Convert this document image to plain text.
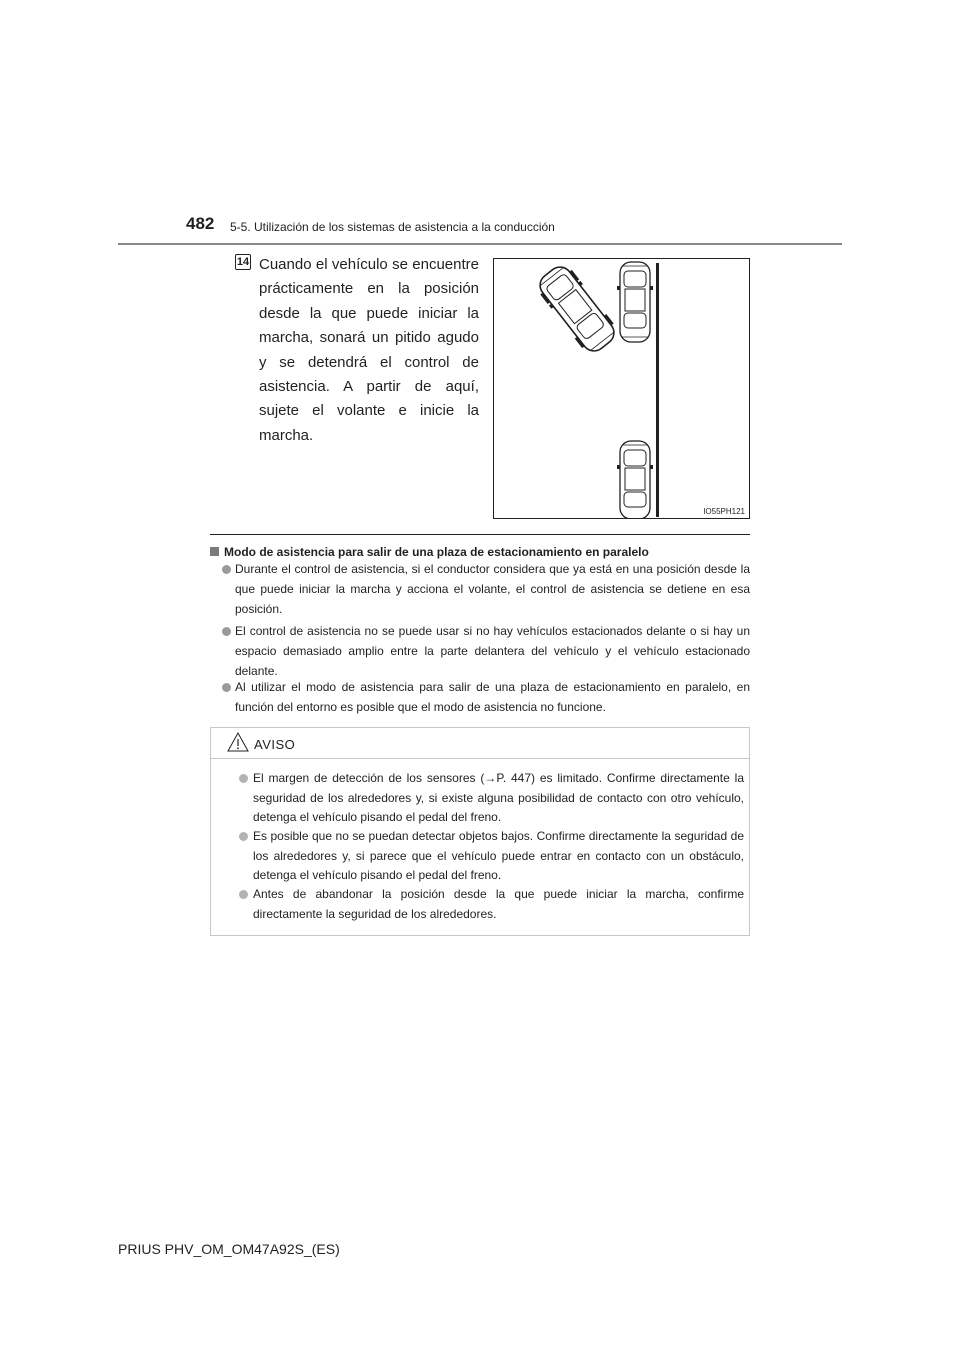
482 5-5. Utilización de los sistemas de asistencia a la conducción
14 Cuando el vehículo se encuentre prácticamente en la posición desde la que puede iniciar la marcha, sonará un pitido agudo y se detendrá el control de asistencia. A partir de aquí, sujete el volante e inicie la marcha.
IO55PH121
Modo de asistencia para salir de una plaza de estacionamiento en paralelo
Durante el control de asistencia, si el conductor considera que ya está en una posición desde la que puede iniciar la marcha y acciona el volante, el control de asistencia se detiene en esa posición.
El control de asistencia no se puede usar si no hay vehículos estacionados delante o si hay un espacio demasiado amplio entre la parte delantera del vehículo y el vehículo estacionado delante.
Al utilizar el modo de asistencia para salir de una plaza de estacionamiento en paralelo, en función del entorno es posible que el modo de asistencia no funcione.
AVISO
El margen de detección de los sensores (→P. 447) es limitado. Confirme directamente la seguridad de los alrededores y, si existe alguna posibilidad de contacto con otro vehículo, detenga el vehículo pisando el pedal del freno.
Es posible que no se puedan detectar objetos bajos. Confirme directamente la seguridad de los alrededores y, si parece que el vehículo puede entrar en contacto con un obstáculo, detenga el vehículo pisando el pedal del freno.
Antes de abandonar la posición desde la que puede iniciar la marcha, confirme directamente la seguridad de los alrededores.
PRIUS PHV_OM_OM47A92S_(ES)
